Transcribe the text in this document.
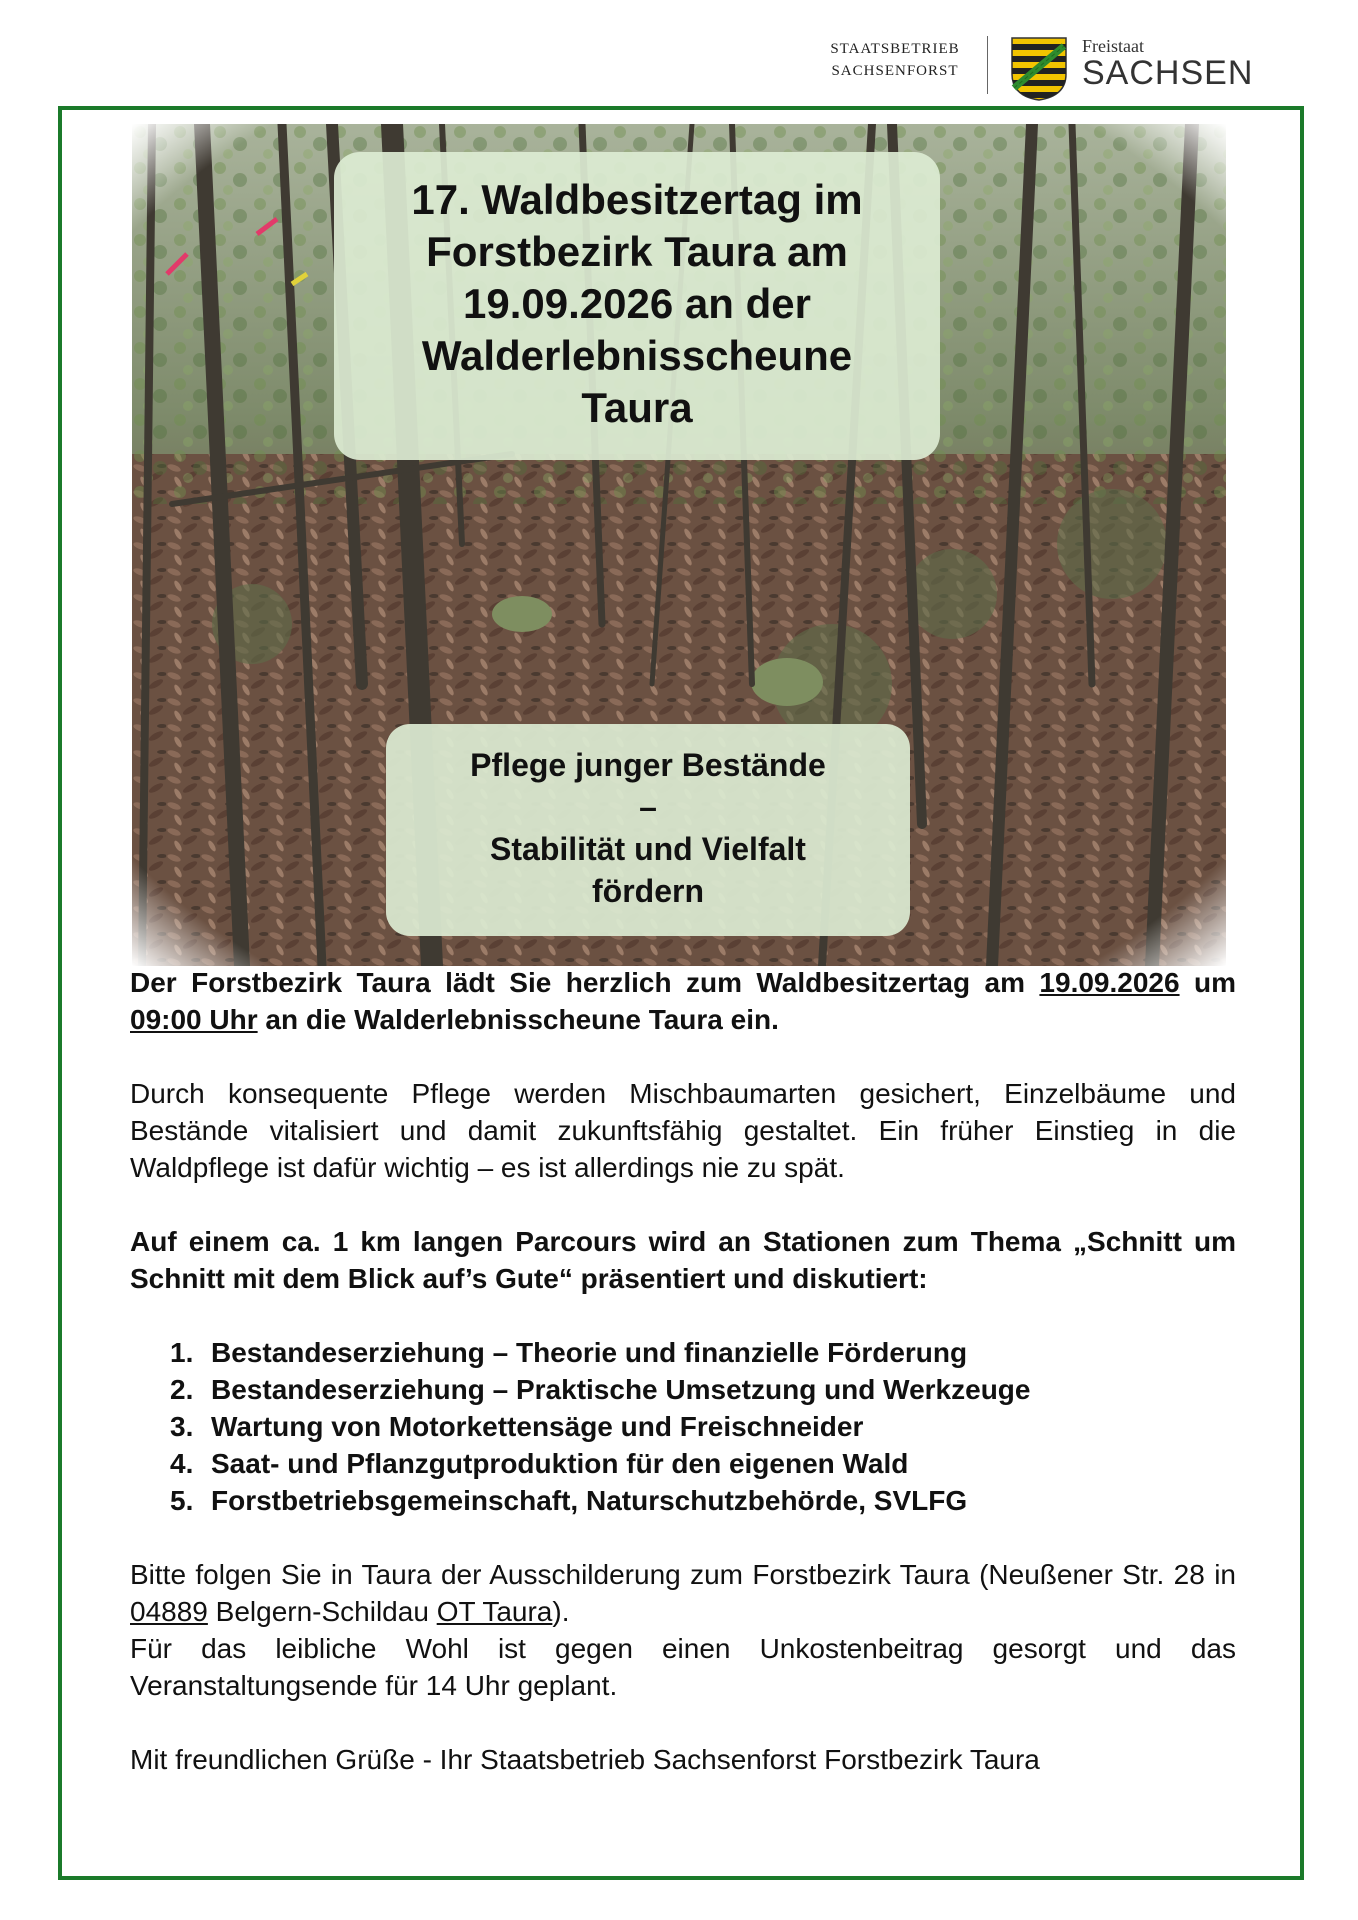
STAATSBETRIEB
SACHSENFORST
Freistaat
SACHSEN
17. Waldbesitzertag im
Forstbezirk Taura am
19.09.2026 an der
Walderlebnisscheune
Taura
Pflege junger Bestände
–
Stabilität und Vielfalt
fördern

Der Forstbezirk Taura lädt Sie herzlich zum Waldbesitzertag am 19.09.2026 um 09:00 Uhr an die Walderlebnisscheune Taura ein.

Durch konsequente Pflege werden Mischbaumarten gesichert, Einzelbäume und Bestände vitalisiert und damit zukunftsfähig gestaltet. Ein früher Einstieg in die Waldpflege ist dafür wichtig – es ist allerdings nie zu spät.

Auf einem ca. 1 km langen Parcours wird an Stationen zum Thema „Schnitt um Schnitt mit dem Blick auf’s Gute“ präsentiert und diskutiert:

1. Bestandeserziehung – Theorie und finanzielle Förderung
2. Bestandeserziehung – Praktische Umsetzung und Werkzeuge
3. Wartung von Motorkettensäge und Freischneider
4. Saat- und Pflanzgutproduktion für den eigenen Wald
5. Forstbetriebsgemeinschaft, Naturschutzbehörde, SVLFG

Bitte folgen Sie in Taura der Ausschilderung zum Forstbezirk Taura (Neußener Str. 28 in 04889 Belgern-Schildau OT Taura).

Für das leibliche Wohl ist gegen einen Unkostenbeitrag gesorgt und das Veranstaltungsende für 14 Uhr geplant.

Mit freundlichen Grüße - Ihr Staatsbetrieb Sachsenforst Forstbezirk Taura
